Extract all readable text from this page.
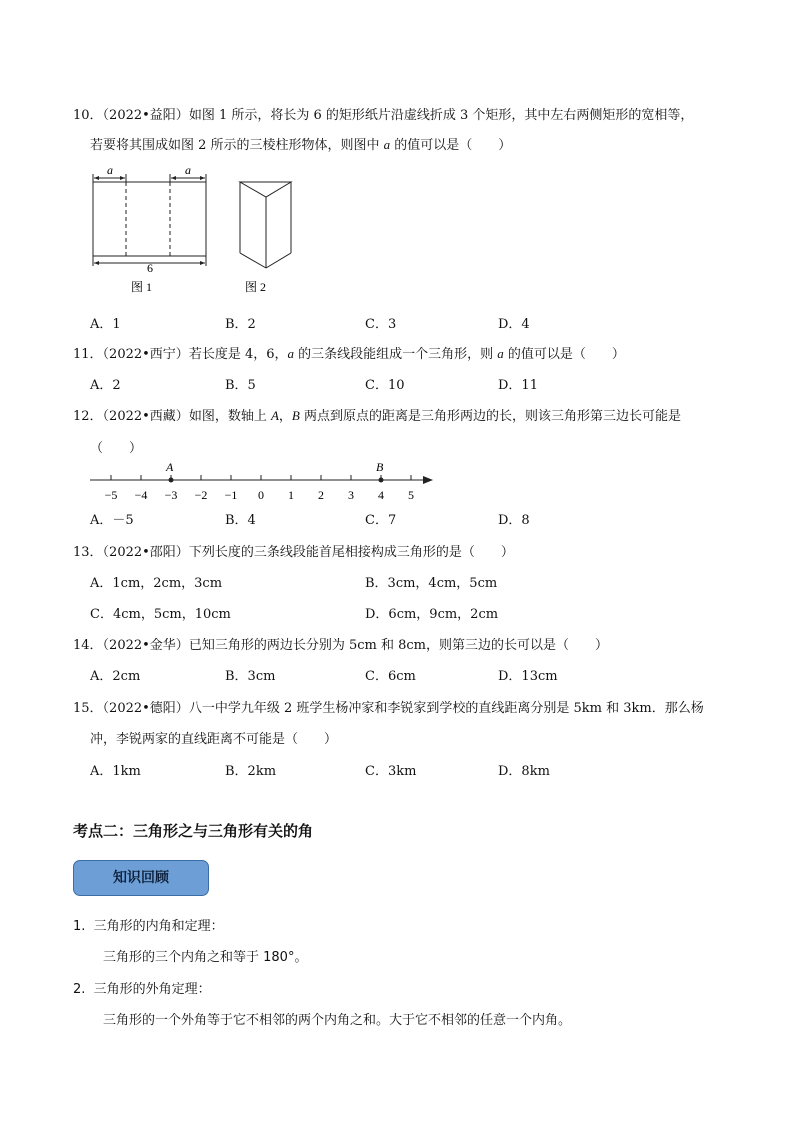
10．（2022•益阳）如图 1 所示，将长为 6 的矩形纸片沿虚线折成 3 个矩形，其中左右两侧矩形的宽相等，
若要将其围成如图 2 所示的三棱柱形物体，则图中 a 的值可以是（　　）
a	a
6
图 1	图 2
A．1	B．2	C．3	D．4
11．（2022•西宁）若长度是 4，6，a 的三条线段能组成一个三角形，则 a 的值可以是（　　）
A．2	B．5	C．10	D．11
12．（2022•西藏）如图，数轴上 A，B 两点到原点的距离是三角形两边的长，则该三角形第三边长可能是
（　　）
−5 −4 −3 −2 −1 0 1 2 3 4 5
A	B
A．－5	B．4	C．7	D．8
13．（2022•邵阳）下列长度的三条线段能首尾相接构成三角形的是（　　）
A．1cm，2cm，3cm	B．3cm，4cm，5cm
C．4cm，5cm，10cm	D．6cm，9cm，2cm
14．（2022•金华）已知三角形的两边长分别为 5cm 和 8cm，则第三边的长可以是（　　）
A．2cm	B．3cm	C．6cm	D．13cm
15．（2022•德阳）八一中学九年级 2 班学生杨冲家和李锐家到学校的直线距离分别是 5km 和 3km．那么杨
冲，李锐两家的直线距离不可能是（　　）
A．1km	B．2km	C．3km	D．8km
考点二：三角形之与三角形有关的角
知识回顾
1. 三角形的内角和定理：
三角形的三个内角之和等于 180°。
2. 三角形的外角定理：
三角形的一个外角等于它不相邻的两个内角之和。大于它不相邻的任意一个内角。
